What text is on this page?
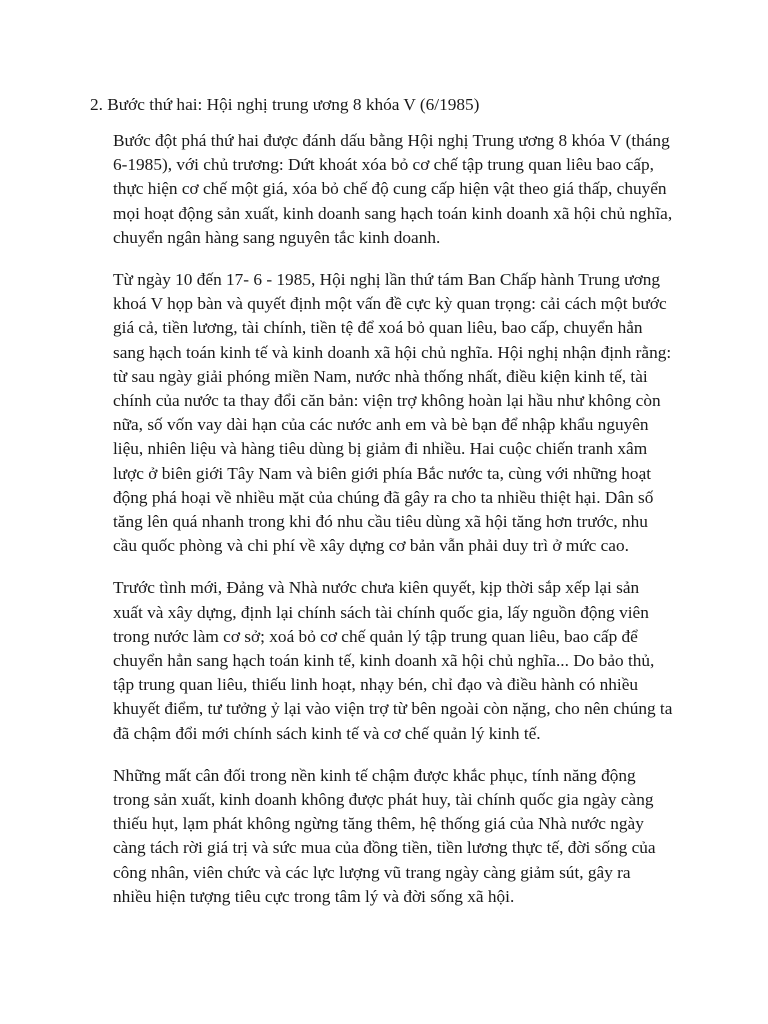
2. Bước thứ hai: Hội nghị trung ương 8 khóa V (6/1985)

Bước đột phá thứ hai được đánh dấu bằng Hội nghị Trung ương 8 khóa V (tháng 6-1985), với chủ trương: Dứt khoát xóa bỏ cơ chế tập trung quan liêu bao cấp, thực hiện cơ chế một giá, xóa bỏ chế độ cung cấp hiện vật theo giá thấp, chuyển mọi hoạt động sản xuất, kinh doanh sang hạch toán kinh doanh xã hội chủ nghĩa, chuyển ngân hàng sang nguyên tắc kinh doanh.

Từ ngày 10 đến 17- 6 - 1985, Hội nghị lần thứ tám Ban Chấp hành Trung ương khoá V họp bàn và quyết định một vấn đề cực kỳ quan trọng: cải cách một bước giá cả, tiền lương, tài chính, tiền tệ để xoá bỏ quan liêu, bao cấp, chuyển hẳn sang hạch toán kinh tế và kinh doanh xã hội chủ nghĩa. Hội nghị nhận định rằng: từ sau ngày giải phóng miền Nam, nước nhà thống nhất, điều kiện kinh tế, tài chính của nước ta thay đổi căn bản: viện trợ không hoàn lại hầu như không còn nữa, số vốn vay dài hạn của các nước anh em và bè bạn để nhập khẩu nguyên liệu, nhiên liệu và hàng tiêu dùng bị giảm đi nhiều. Hai cuộc chiến tranh xâm lược ở biên giới Tây Nam và biên giới phía Bắc nước ta, cùng với những hoạt động phá hoại về nhiều mặt của chúng đã gây ra cho ta nhiều thiệt hại. Dân số tăng lên quá nhanh trong khi đó nhu cầu tiêu dùng xã hội tăng hơn trước, nhu cầu quốc phòng và chi phí về xây dựng cơ bản vẫn phải duy trì ở mức cao.

Trước tình mới, Đảng và Nhà nước chưa kiên quyết, kịp thời sắp xếp lại sản xuất và xây dựng, định lại chính sách tài chính quốc gia, lấy nguồn động viên trong nước làm cơ sở; xoá bỏ cơ chế quản lý tập trung quan liêu, bao cấp để chuyển hẳn sang hạch toán kinh tế, kinh doanh xã hội chủ nghĩa... Do bảo thủ, tập trung quan liêu, thiếu linh hoạt, nhạy bén, chỉ đạo và điều hành có nhiều khuyết điểm, tư tưởng ỷ lại vào viện trợ từ bên ngoài còn nặng, cho nên chúng ta đã chậm đổi mới chính sách kinh tế và cơ chế quản lý kinh tế.

Những mất cân đối trong nền kinh tế chậm được khắc phục, tính năng động trong sản xuất, kinh doanh không được phát huy, tài chính quốc gia ngày càng thiếu hụt, lạm phát không ngừng tăng thêm, hệ thống giá của Nhà nước ngày càng tách rời giá trị và sức mua của đồng tiền, tiền lương thực tế, đời sống của công nhân, viên chức và các lực lượng vũ trang ngày càng giảm sút, gây ra nhiều hiện tượng tiêu cực trong tâm lý và đời sống xã hội.
